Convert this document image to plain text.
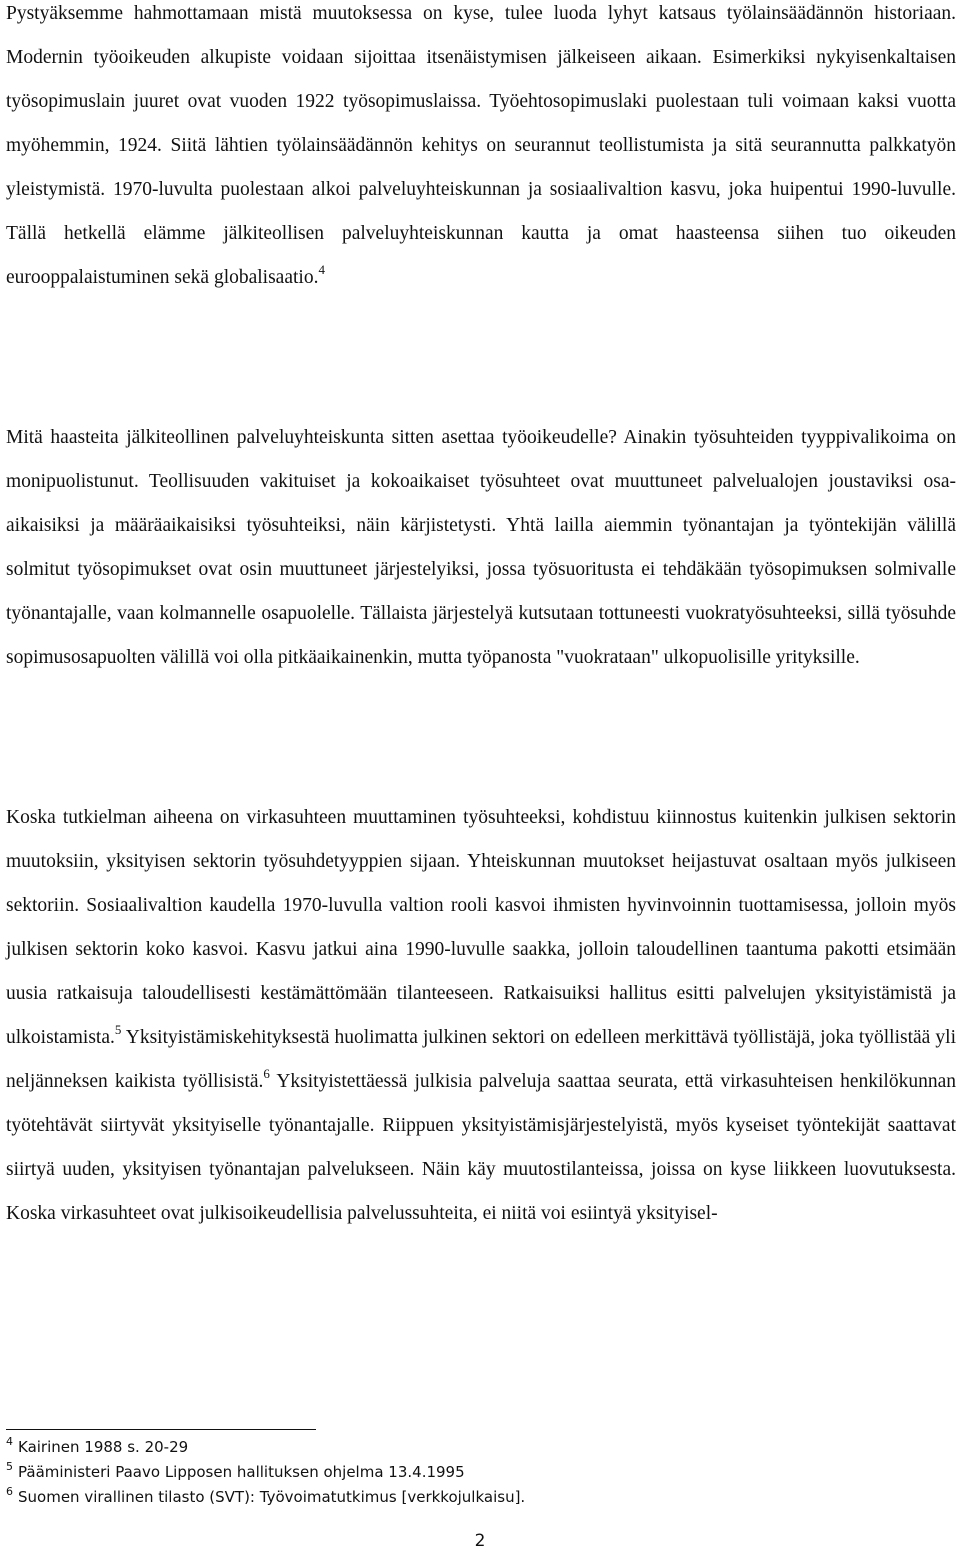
Pystyäksemme hahmottamaan mistä muutoksessa on kyse, tulee luoda lyhyt katsaus työlainsäädännön historiaan. Modernin työoikeuden alkupiste voidaan sijoittaa itsenäistymisen jälkeiseen aikaan. Esimerkiksi nykyisenkaltaisen työsopimuslain juuret ovat vuoden 1922 työsopimuslaissa. Työehtosopimuslaki puolestaan tuli voimaan kaksi vuotta myöhemmin, 1924. Siitä lähtien työlainsäädännön kehitys on seurannut teollistumista ja sitä seurannutta palkkatyön yleistymistä. 1970-luvulta puolestaan alkoi palveluyhteiskunnan ja sosiaalivaltion kasvu, joka huipentui 1990-luvulle. Tällä hetkellä elämme jälkiteollisen palveluyhteiskunnan kautta ja omat haasteensa siihen tuo oikeuden eurooppalaistuminen sekä globalisaatio.$^4$

Mitä haasteita jälkiteollinen palveluyhteiskunta sitten asettaa työoikeudelle? Ainakin työsuhteiden tyyppivalikoima on monipuolistunut. Teollisuuden vakituiset ja kokoaikaiset työsuhteet ovat muuttuneet palvelualojen joustaviksi osa-aikaisiksi ja määräaikaisiksi työsuhteiksi, näin kärjistetysti. Yhtä lailla aiemmin työnantajan ja työntekijän välillä solmitut työsopimukset ovat osin muuttuneet järjestelyiksi, jossa työsuoritusta ei tehdäkään työsopimuksen solmivalle työnantajalle, vaan kolmannelle osapuolelle. Tällaista järjestelyä kutsutaan tottuneesti vuokratyösuhteeksi, sillä työsuhde sopimusosapuolten välillä voi olla pitkäaikainenkin, mutta työpanosta "vuokrataan" ulkopuolisille yrityksille.

Koska tutkielman aiheena on virkasuhteen muuttaminen työsuhteeksi, kohdistuu kiinnostus kuitenkin julkisen sektorin muutoksiin, yksityisen sektorin työsuhdetyyppien sijaan. Yhteiskunnan muutokset heijastuvat osaltaan myös julkiseen sektoriin. Sosiaalivaltion kaudella 1970-luvulla valtion rooli kasvoi ihmisten hyvinvoinnin tuottamisessa, jolloin myös julkisen sektorin koko kasvoi. Kasvu jatkui aina 1990-luvulle saakka, jolloin taloudellinen taantuma pakotti etsimään uusia ratkaisuja taloudellisesti kestämättömään tilanteeseen. Ratkaisuiksi hallitus esitti palvelujen yksityistämistä ja ulkoistamista.$^5$ Yksityistämiskehityksestä huolimatta julkinen sektori on edelleen merkittävä työllistäjä, joka työllistää yli neljänneksen kaikista työllisistä.$^6$ Yksityistettäessä julkisia palveluja saattaa seurata, että virkasuhteisen henkilökunnan työtehtävät siirtyvät yksityiselle työnantajalle. Riippuen yksityistämisjärjestelyistä, myös kyseiset työntekijät saattavat siirtyä uuden, yksityisen työnantajan palvelukseen. Näin käy muutostilanteissa, joissa on kyse liikkeen luovutuksesta. Koska virkasuhteet ovat julkisoikeudellisia palvelussuhteita, ei niitä voi esiintyä yksityisel-

$^4$ Kairinen 1988 s. 20-29
$^5$ Pääministeri Paavo Lipposen hallituksen ohjelma 13.4.1995
$^6$ Suomen virallinen tilasto (SVT): Työvoimatutkimus [verkkojulkaisu].
2
